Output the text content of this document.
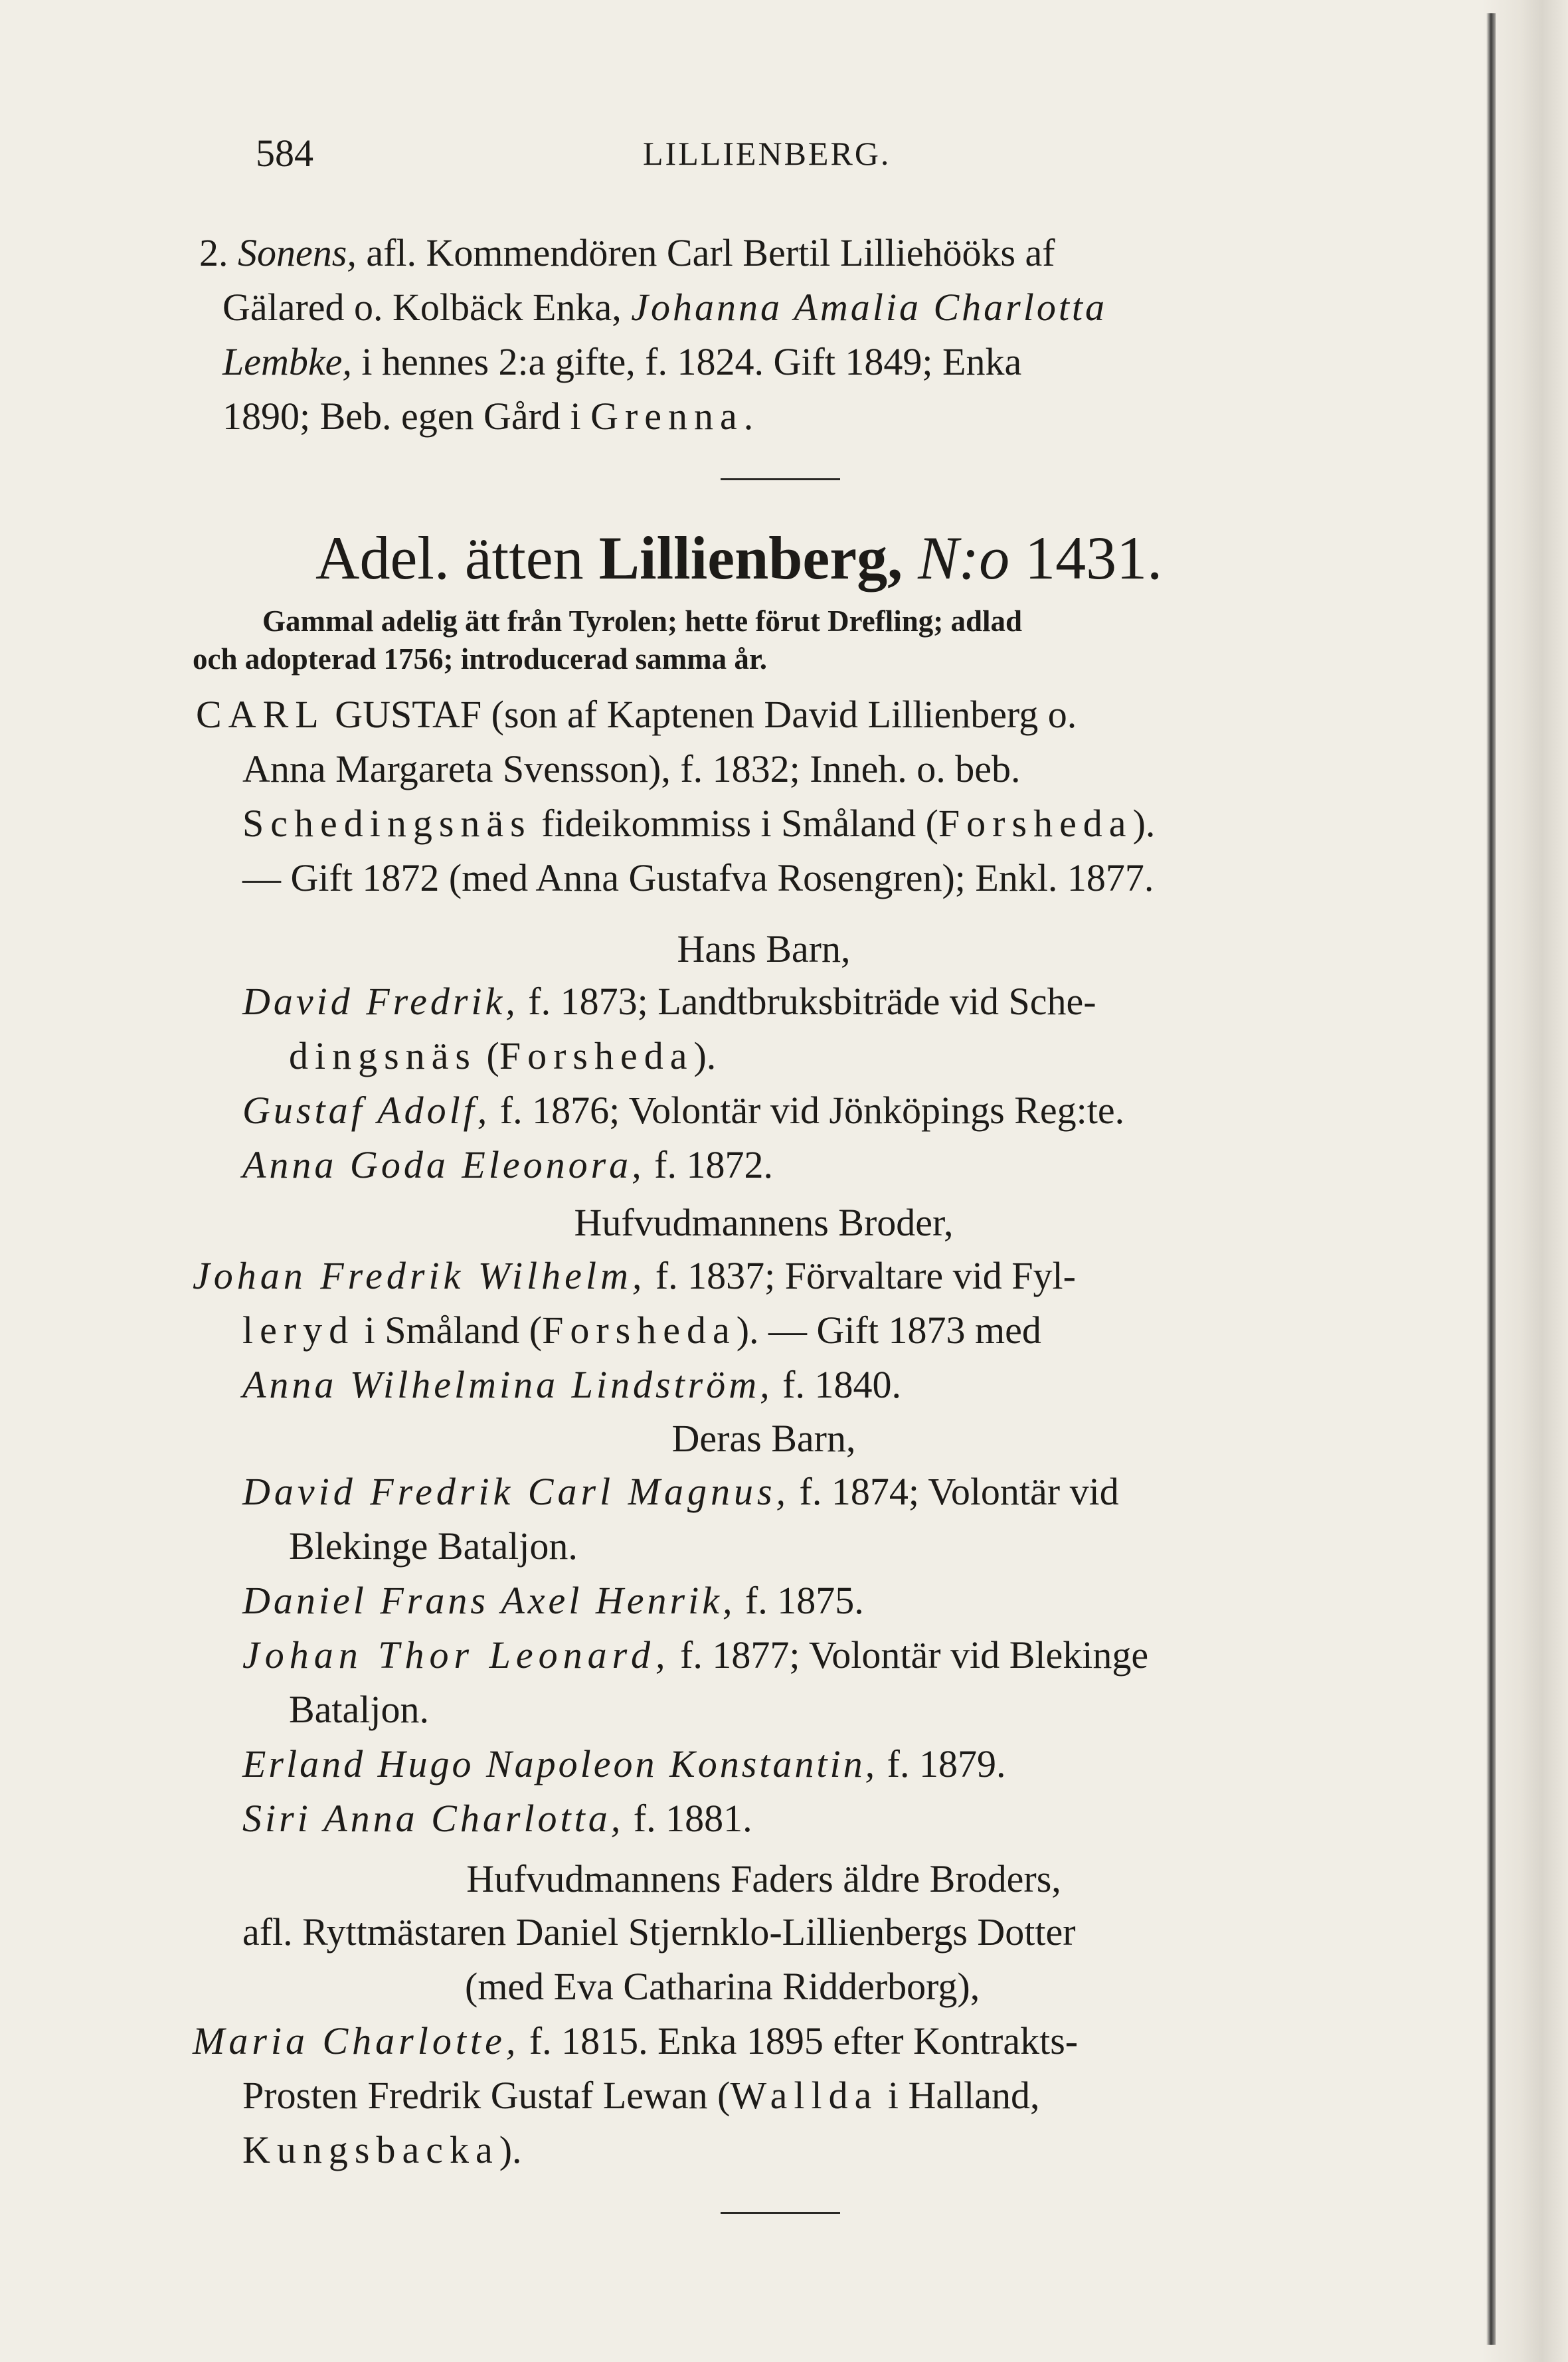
584	LILLIENBERG.
2. Sonens, afl. Kommendören Carl Bertil Lilliehööks af
Gälared o. Kolbäck Enka, Johanna Amalia Charlotta
Lembke, i hennes 2:a gifte, f. 1824. Gift 1849; Enka
1890; Beb. egen Gård i Grenna.
Adel. ätten Lillienberg, N:o 1431.
Gammal adelig ätt från Tyrolen; hette förut Drefling; adlad
och adopterad 1756; introducerad samma år.
CARL GUSTAF (son af Kaptenen David Lillienberg o.
Anna Margareta Svensson), f. 1832; Inneh. o. beb.
Schedingsnäs fideikommiss i Småland (Forsheda).
— Gift 1872 (med Anna Gustafva Rosengren); Enkl. 1877.
Hans Barn,
David Fredrik, f. 1873; Landtbruksbiträde vid Sche-
dingsnäs (Forsheda).
Gustaf Adolf, f. 1876; Volontär vid Jönköpings Reg:te.
Anna Goda Eleonora, f. 1872.
Hufvudmannens Broder,
Johan Fredrik Wilhelm, f. 1837; Förvaltare vid Fyl-
leryd i Småland (Forsheda). — Gift 1873 med
Anna Wilhelmina Lindström, f. 1840.
Deras Barn,
David Fredrik Carl Magnus, f. 1874; Volontär vid
Blekinge Bataljon.
Daniel Frans Axel Henrik, f. 1875.
Johan Thor Leonard, f. 1877; Volontär vid Blekinge
Bataljon.
Erland Hugo Napoleon Konstantin, f. 1879.
Siri Anna Charlotta, f. 1881.
Hufvudmannens Faders äldre Broders,
afl. Ryttmästaren Daniel Stjernklo-Lillienbergs Dotter
(med Eva Catharina Ridderborg),
Maria Charlotte, f. 1815. Enka 1895 efter Kontrakts-
Prosten Fredrik Gustaf Lewan (Wallda i Halland,
Kungsbacka).
